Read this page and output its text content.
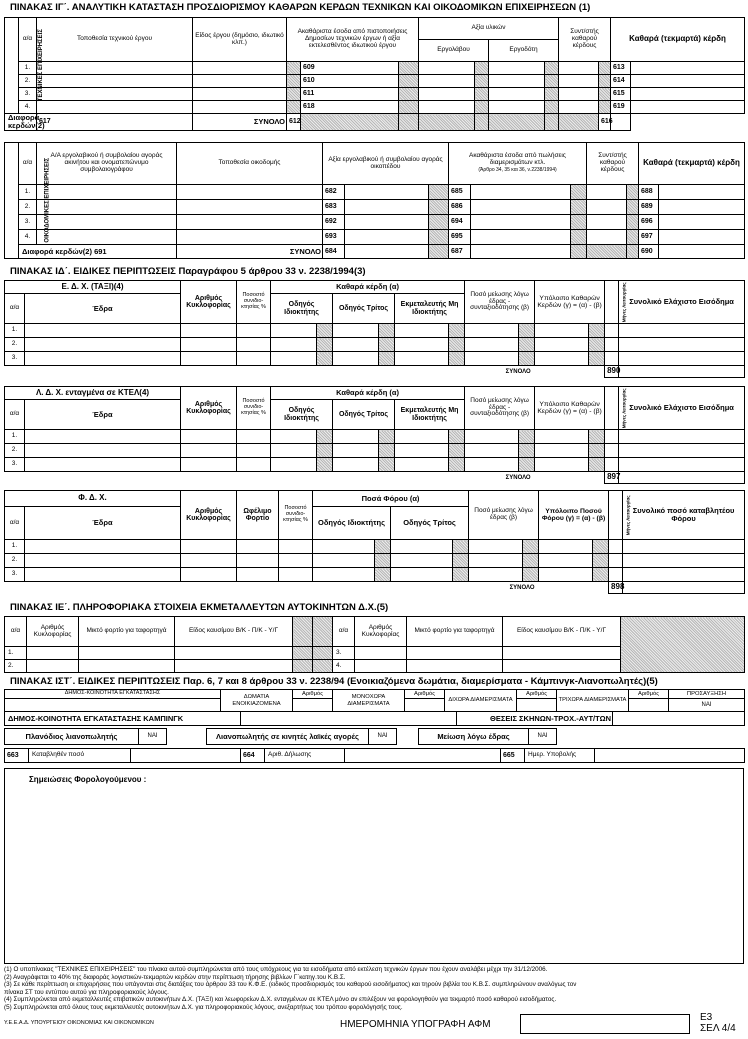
ΠΙΝΑΚΑΣ ΙΓ΄. ΑΝΑΛΥΤΙΚΗ ΚΑΤΑΣΤΑΣΗ ΠΡΟΣΔΙΟΡΙΣΜΟΥ ΚΑΘΑΡΩΝ ΚΕΡΔΩΝ ΤΕΧΝΙΚΩΝ ΚΑΙ ΟΙΚΟΔΟΜΙΚΩΝ ΕΠΙΧΕΙΡΗΣΕΩΝ (1)
ΤΕΧΝΙΚΕΣ ΕΠΙΧΕΙΡΗΣΕΙΣ	α/α	Τοποθεσία τεχνικού έργου	Είδος έργου (δημόσιο, ιδιωτικό κλπ.)	Ακαθάριστα έσοδα από πιστοποιήσεις Δημοσίων τεχνικών έργων ή αξία εκτελεσθέντος ιδιωτικού έργου			Αξία υλικών				Συντ/στής καθαρού κέρδους		Καθαρά (τεκμαρτά) κέρδη	
							Εργολάβου		Εργοδότη					
	1.				609								613	
	2.				610								614	
	3.				611								615	
	4.				618								619	
Διαφορά κερδών(2)		617	ΣΥΝΟΛΟ	612								616		
ΟΙΚΟΔΟΜΙΚΕΣ ΕΠΙΧΕΙΡΗΣΕΙΣ	α/α	Α/Α εργολαβικού ή συμβολαίου αγοράς ακινήτου και ονοματεπώνυμο συμβολαιογράφου	Τοποθεσία οικοδομής	Αξία εργολαβικού ή συμβολαίου αγοράς οικοπέδου			Ακαθάριστα έσοδα από πωλήσεις διαμερισμάτων κτλ.
(Άρθρο 34, 35 και 36, ν.2238/1994)			Συντ/στής καθαρού κέρδους		Καθαρά (τεκμαρτά) κέρδη	
	1.			682			685					688	
	2.			683			686					689	
	3.			692			694					696	
	4.			693			695					697	
	Διαφορά κερδών(2) 691		ΣΥΝΟΛΟ	684			687					690	
ΠΙΝΑΚΑΣ ΙΔ΄. ΕΙΔΙΚΕΣ ΠΕΡΙΠΤΩΣΕΙΣ Παραγράφου 5 άρθρου 33 ν. 2238/1994(3)
Ε. Δ. Χ. (ΤΑΞΙ)(4)		Αριθμός Κυκλοφορίας	Ποσοστό συνιδιο-κτησίας %	Καθαρά κέρδη (α)						Ποσό μείωσης λόγω έδρας - συνταξιοδότησης (β)		Υπόλοιπο Καθαρών Κερδών (γ) = (α) - (β)		Μήνες Λειτουργίας	Συνολικό Ελάχιστο Εισόδημα
α/α	Έδρα			Οδηγός Ιδιοκτήτης		Οδηγός Τρίτος		Εκμεταλευτής Μη Ιδιοκτήτης							
1.															
2.															
3.															
ΣΥΝΟΛΟ														890	
Λ. Δ. Χ. ενταγμένα σε ΚΤΕΛ(4)		Αριθμός Κυκλοφορίας	Ποσοστό συνιδιο-κτησίας %	Καθαρά κέρδη (α)						Ποσό μείωσης λόγω έδρας - συνταξιοδότησης (β)		Υπόλοιπο Καθαρών Κερδών (γ) = (α) - (β)		Μήνες Λειτουργίας	Συνολικό Ελάχιστο Εισόδημα
α/α	Έδρα			Οδηγός Ιδιοκτήτης		Οδηγός Τρίτος		Εκμεταλευτής Μη Ιδιοκτήτης							
1.															
2.															
3.															
ΣΥΝΟΛΟ														897	
Φ. Δ. Χ.		Αριθμός Κυκλοφορίας	Ωφέλιμο Φορτίο	Ποσοστό συνιδιο-κτησίας %	Ποσά Φόρου (α)				Ποσό μείωσης λόγω έδρας (β)		Υπόλοιπο Ποσού Φόρου (γ) = (α) - (β)		Μήνες Λειτουργίας	Συνολικό ποσό καταβλητέου Φόρου
α/α	Έδρα				Οδηγός Ιδιοκτήτης		Οδηγός Τρίτος							
1.														
2.														
3.														
ΣΥΝΟΛΟ													898	
ΠΙΝΑΚΑΣ ΙΕ΄. ΠΛΗΡΟΦΟΡΙΑΚΑ ΣΤΟΙΧΕΙΑ ΕΚΜΕΤΑΛΛΕΥΤΩΝ ΑΥΤΟΚΙΝΗΤΩΝ Δ.Χ.(5)
α/α	Αριθμός Κυκλοφορίας	Μικτό φορτίο για ταφορτηγά	Είδος καυσίμου Β/Κ - Π/Κ - Υ/Γ			α/α	Αριθμός Κυκλοφορίας	Μικτό φορτίο για ταφορτηγά	Είδος καυσίμου Β/Κ - Π/Κ - Υ/Γ	
1.						3.				
2.						4.				
ΠΙΝΑΚΑΣ ΙΣΤ΄. ΕΙΔΙΚΕΣ ΠΕΡΙΠΤΩΣΕΙΣ Παρ. 6, 7 και 8 άρθρου 33 ν. 2238/94 (Ενοικιαζόμενα δωμάτια, διαμερίσματα - Κάμπινγκ-Λιανοπωλητές)(5)
ΔΗΜΟΣ-ΚΟΙΝΟΤΗΤΑ ΕΓΚΑΤΑΣΤΑΣΗΣ	ΔΩΜΑΤΙΑ ΕΝΟΙΚΙΑΖΟΜΕΝΑ	Αριθμός	ΜΟΝΟΧΩΡΑ ΔΙΑΜΕΡΙΣΜΑΤΑ	Αριθμός	ΔΙΧΩΡΑ ΔΙΑΜΕΡΙΣΜΑΤΑ	Αριθμός	ΤΡΙΧΩΡΑ ΔΙΑΜΕΡΙΣΜΑΤΑ	Αριθμός	ΠΡΟΣΑΥΞΗΣΗ
									ΝΑΙ
ΔΗΜΟΣ-ΚΟΙΝΟΤΗΤΑ ΕΓΚΑΤΑΣΤΑΣΗΣ ΚΑΜΠΙΝΓΚ		ΘΕΣΕΙΣ ΣΚΗΝΩΝ-ΤΡΟΧ.-ΑΥΤ/ΤΩΝ	
Πλανόδιος λιανοπωλητής	ΝΑΙ		Λιανοπωλητής σε κινητές λαϊκές αγορές	ΝΑΙ		Μείωση λόγω έδρας	ΝΑΙ	
663	Καταβληθέν ποσό		664	Αριθ. Δήλωσης		665	Ημερ. Υποβολής	
Σημειώσεις Φορολογούμενου :
(1) Ο υποπίνακας "ΤΕΧΝΙΚΕΣ ΕΠΙΧΕΙΡΗΣΕΙΣ" του πίνακα αυτού συμπληρώνεται από τους υπόχρεους για τα εισοδήματα από εκτέλεση τεχνικών έργων που έχουν αναλάβει μέχρι την 31/12/2006.
(2) Αναγράφεται το 40% της διαφοράς λογιστικών-τεκμαρτών κερδών στην περίπτωση τήρησης βιβλίων Γ΄κατηγ.του Κ.Β.Σ.
(3) Σε κάθε περίπτωση οι επιχειρήσεις που υπάγονται στις διατάξεις του άρθρου 33 του Κ.Φ.Ε. (ειδικός προσδιορισμός του καθαρού εισοδήματος) και τηρούν βιβλία του Κ.Β.Σ. συμπληρώνουν αναλόγως τον
πίνακα ΣΤ του εντύπου αυτού για πληροφοριακούς λόγους.
(4) Συμπληρώνεται από εκμεταλλευτές επιβατικών αυτοκινήτων Δ.Χ. (ΤΑΞΙ) και λεωφορείων Δ.Χ. ενταγμένων σε ΚΤΕΛ μόνο αν επιλέξουν να φορολογηθούν για τεκμαρτό ποσό καθαρού εισοδήματος.
(5) Συμπληρώνεται από όλους τους εκμεταλλευτές αυτοκινήτων Δ.Χ. για πληροφοριακούς λόγους, ανεξαρτήτως του τρόπου φορολόγησής τους.
Υ.Ε.Ε.Α.Δ. ΥΠΟΥΡΓΕΙΟΥ ΟΙΚΟΝΟΜΙΑΣ ΚΑΙ ΟΙΚΟΝΟΜΙΚΩΝ	ΗΜΕΡΟΜΗΝΙΑ ΥΠΟΓΡΑΦΗ ΑΦΜ
Ε3
ΣΕΛ 4/4
